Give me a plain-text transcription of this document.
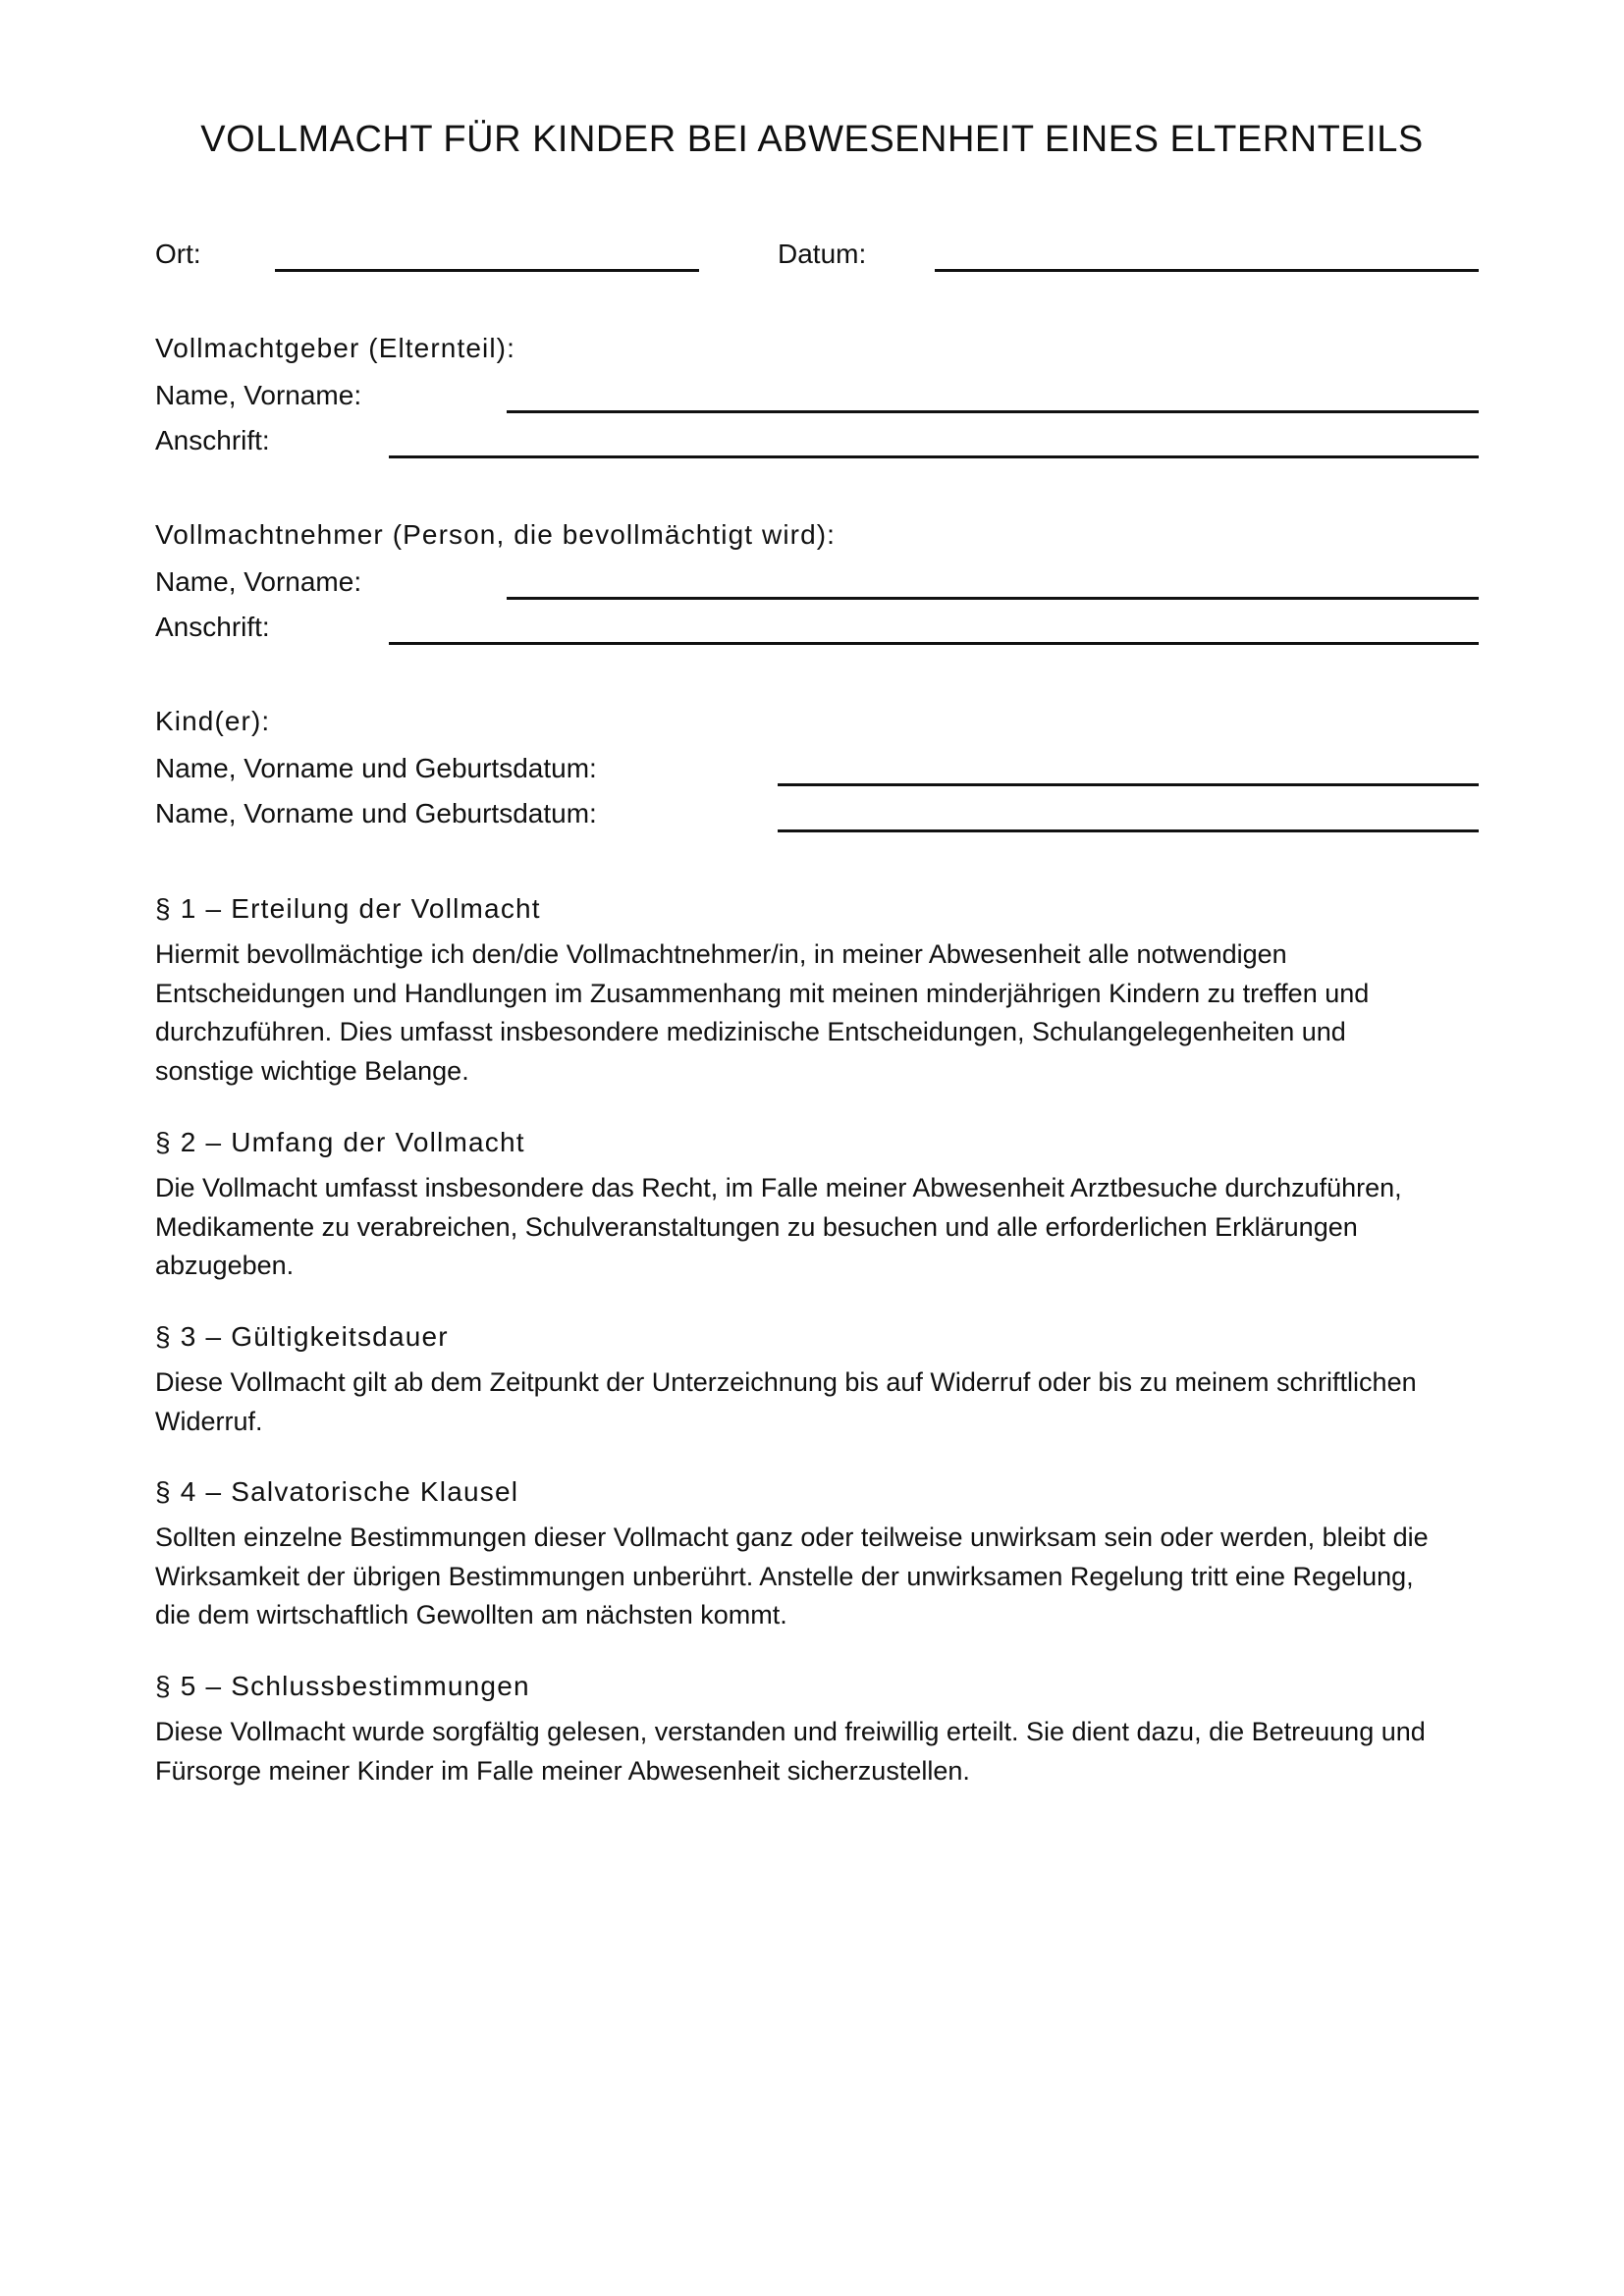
VOLLMACHT FÜR KINDER BEI ABWESENHEIT EINES ELTERNTEILS
Ort:	Datum:
Vollmachtgeber (Elternteil):
Name, Vorname:
Anschrift:
Vollmachtnehmer (Person, die bevollmächtigt wird):
Name, Vorname:
Anschrift:
Kind(er):
Name, Vorname und Geburtsdatum:
Name, Vorname und Geburtsdatum:
§ 1 – Erteilung der Vollmacht
Hiermit bevollmächtige ich den/die Vollmachtnehmer/in, in meiner Abwesenheit alle notwendigen
Entscheidungen und Handlungen im Zusammenhang mit meinen minderjährigen Kindern zu treffen und
durchzuführen. Dies umfasst insbesondere medizinische Entscheidungen, Schulangelegenheiten und
sonstige wichtige Belange.
§ 2 – Umfang der Vollmacht
Die Vollmacht umfasst insbesondere das Recht, im Falle meiner Abwesenheit Arztbesuche durchzuführen,
Medikamente zu verabreichen, Schulveranstaltungen zu besuchen und alle erforderlichen Erklärungen
abzugeben.
§ 3 – Gültigkeitsdauer
Diese Vollmacht gilt ab dem Zeitpunkt der Unterzeichnung bis auf Widerruf oder bis zu meinem schriftlichen
Widerruf.
§ 4 – Salvatorische Klausel
Sollten einzelne Bestimmungen dieser Vollmacht ganz oder teilweise unwirksam sein oder werden, bleibt die
Wirksamkeit der übrigen Bestimmungen unberührt. Anstelle der unwirksamen Regelung tritt eine Regelung,
die dem wirtschaftlich Gewollten am nächsten kommt.
§ 5 – Schlussbestimmungen
Diese Vollmacht wurde sorgfältig gelesen, verstanden und freiwillig erteilt. Sie dient dazu, die Betreuung und
Fürsorge meiner Kinder im Falle meiner Abwesenheit sicherzustellen.
